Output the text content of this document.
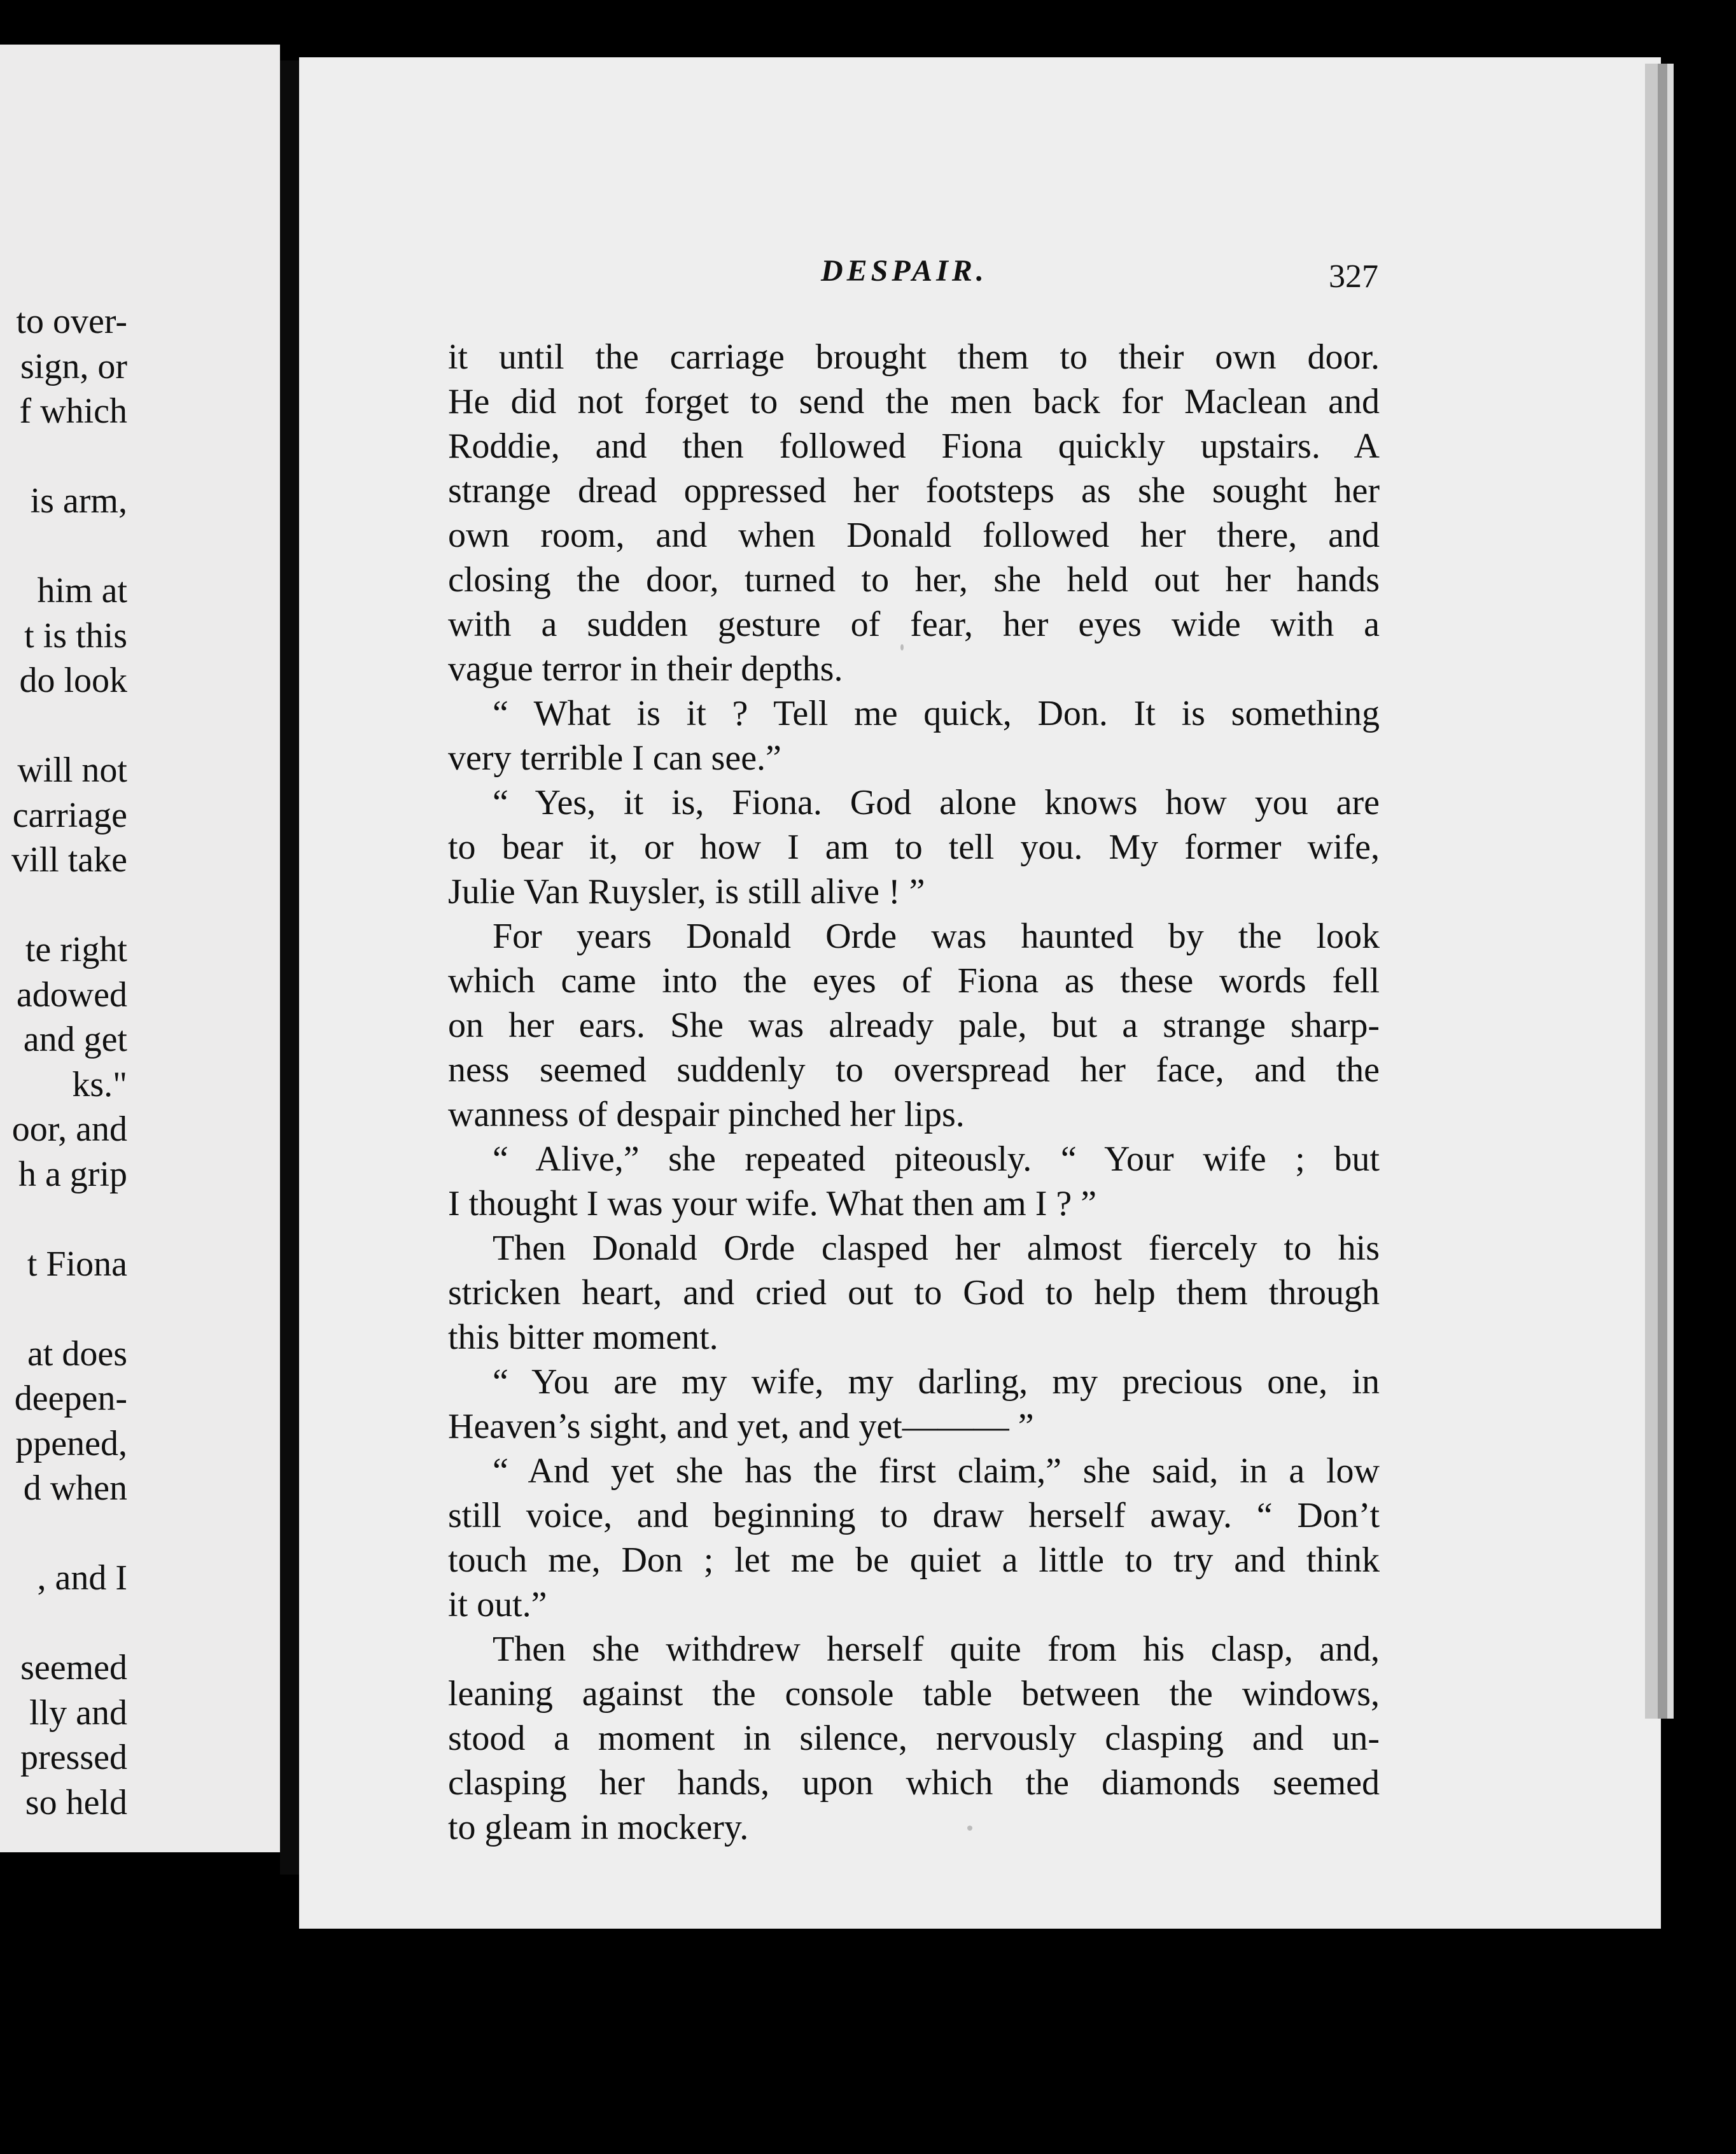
to over-
sign, or
f which
is arm,
him at
t is this
do look
will not
carriage
vill take
te right
adowed
and get
ks."
oor, and
h a grip
t Fiona
at does
deepen-
ppened,
d when
, and I
seemed
lly and
pressed
so held
DESPAIR.	327
it until the carriage brought them to their own door.
He did not forget to send the men back for Maclean and
Roddie, and then followed Fiona quickly upstairs. A
strange dread oppressed her footsteps as she sought her
own room, and when Donald followed her there, and
closing the door, turned to her, she held out her hands
with a sudden gesture of fear, her eyes wide with a
vague terror in their depths.
“ What is it ? Tell me quick, Don. It is something
very terrible I can see.”
“ Yes, it is, Fiona. God alone knows how you are
to bear it, or how I am to tell you. My former wife,
Julie Van Ruysler, is still alive ! ”
For years Donald Orde was haunted by the look
which came into the eyes of Fiona as these words fell
on her ears. She was already pale, but a strange sharp-
ness seemed suddenly to overspread her face, and the
wanness of despair pinched her lips.
“ Alive,” she repeated piteously. “ Your wife ; but
I thought I was your wife. What then am I ? ”
Then Donald Orde clasped her almost fiercely to his
stricken heart, and cried out to God to help them through
this bitter moment.
“ You are my wife, my darling, my precious one, in
Heaven’s sight, and yet, and yet——— ”
“ And yet she has the first claim,” she said, in a low
still voice, and beginning to draw herself away. “ Don’t
touch me, Don ; let me be quiet a little to try and think
it out.”
Then she withdrew herself quite from his clasp, and,
leaning against the console table between the windows,
stood a moment in silence, nervously clasping and un-
clasping her hands, upon which the diamonds seemed
to gleam in mockery.
